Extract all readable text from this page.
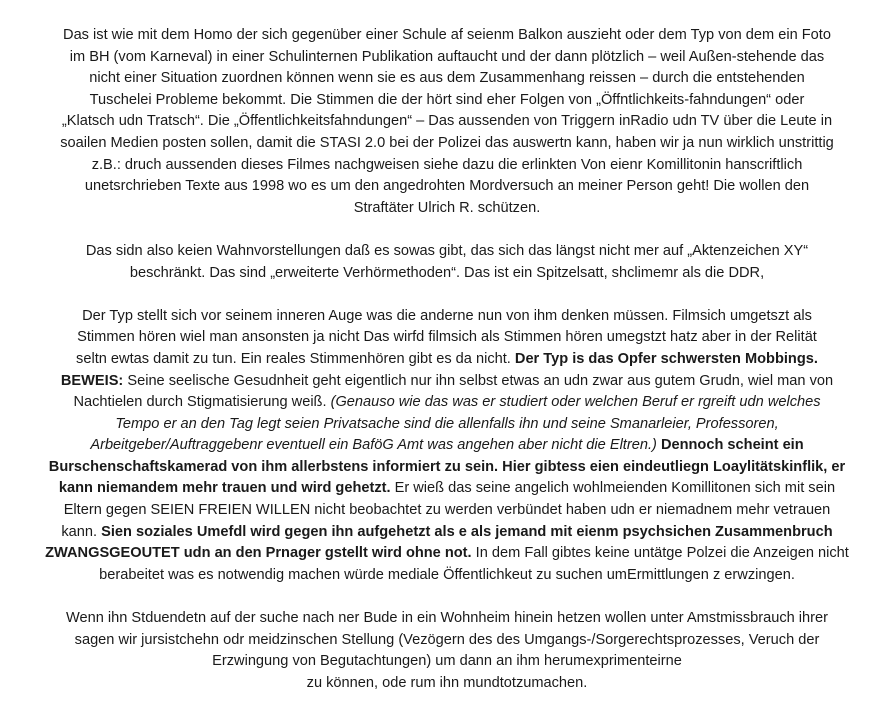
Das ist wie mit dem Homo der sich gegenüber einer Schule af seienm Balkon auszieht oder dem Typ von dem ein Foto
im BH (vom Karneval) in einer Schulinternen Publikation auftaucht und der dann plötzlich – weil Außen-stehende das
nicht einer Situation zuordnen können wenn sie es aus dem Zusammenhang reissen – durch die entstehenden
Tuschelei Probleme bekommt. Die Stimmen die der hört sind eher Folgen von „Öffntlichkeits-fahndungen“ oder
„Klatsch udn Tratsch“. Die „Öffentlichkeitsfahndungen“ – Das aussenden von Triggern inRadio udn TV über die Leute in
soailen Medien posten sollen, damit die STASI 2.0 bei der Polizei das auswertn kann, haben wir ja nun wirklich unstrittig
z.B.: druch aussenden dieses Filmes nachgweisen siehe dazu die erlinkten Von eienr Komillitonin hanscriftlich
unetsrchrieben Texte aus 1998 wo es um den angedrohten Mordversuch an meiner Person geht! Die wollen den
Straftäter Ulrich R. schützen.
Das sidn also keien Wahnvorstellungen daß es sowas gibt, das sich das längst nicht mer auf „Aktenzeichen XY“
beschränkt. Das sind „erweiterte Verhörmethoden“. Das ist ein Spitzelsatt, shclimemr als die DDR,
Der Typ stellt sich vor seinem inneren Auge was die anderne nun von ihm denken müssen. Filmsich umgetszt als
Stimmen hören wiel man ansonsten ja nicht Das wirfd filmsich als Stimmen hören umegstzt hatz aber in der Relität
seltn ewtas damit zu tun. Ein reales Stimmenhören gibt es da nicht. Der Typ is das Opfer schwersten Mobbings.
BEWEIS: Seine seelische Gesudnheit geht eigentlich nur ihn selbst etwas an udn zwar aus gutem Grudn, wiel man von
Nachtielen durch Stigmatisierung weiß. (Genauso wie das was er studiert oder welchen Beruf er rgreift udn welches
Tempo er an den Tag legt seien Privatsache sind die allenfalls ihn und seine Smanarleier, Professoren,
Arbeitgeber/Auftraggebenr eventuell ein BaföG Amt was angehen aber nicht die Eltren.) Dennoch scheint ein
Burschenschaftskamerad von ihm allerbstens informiert zu sein. Hier gibtess eien eindeutliegn Loaylitätskinflik, er
kann niemandem mehr trauen und wird gehetzt. Er wieß das seine angelich wohlmeienden Komillitonen sich mit sein
Eltern gegen SEIEN FREIEN WILLEN nicht beobachtet zu werden verbündet haben udn er niemadnem mehr vetrauen
kann. Sien soziales Umefdl wird gegen ihn aufgehetzt als e als jemand mit eienm psychsichen Zusammenbruch
ZWANGSGEOUTET udn an den Prnager gstellt wird ohne not. In dem Fall gibtes keine untätge Polzei die Anzeigen nicht
berabeitet was es notwendig machen würde mediale Öffentlichkeut zu suchen umErmittlungen z erwzingen.
Wenn ihn Stduendetn auf der suche nach ner Bude in ein Wohnheim hinein hetzen wollen unter Amstmissbrauch ihrer
sagen wir jursistchehn odr meidzinschen Stellung (Vezögern des des Umgangs-/Sorgerechtsprozesses, Veruch der
Erzwingung von Begutachtungen) um dann an ihm herumexprimenteirne
zu können, ode rum ihn mundtotzumachen.
